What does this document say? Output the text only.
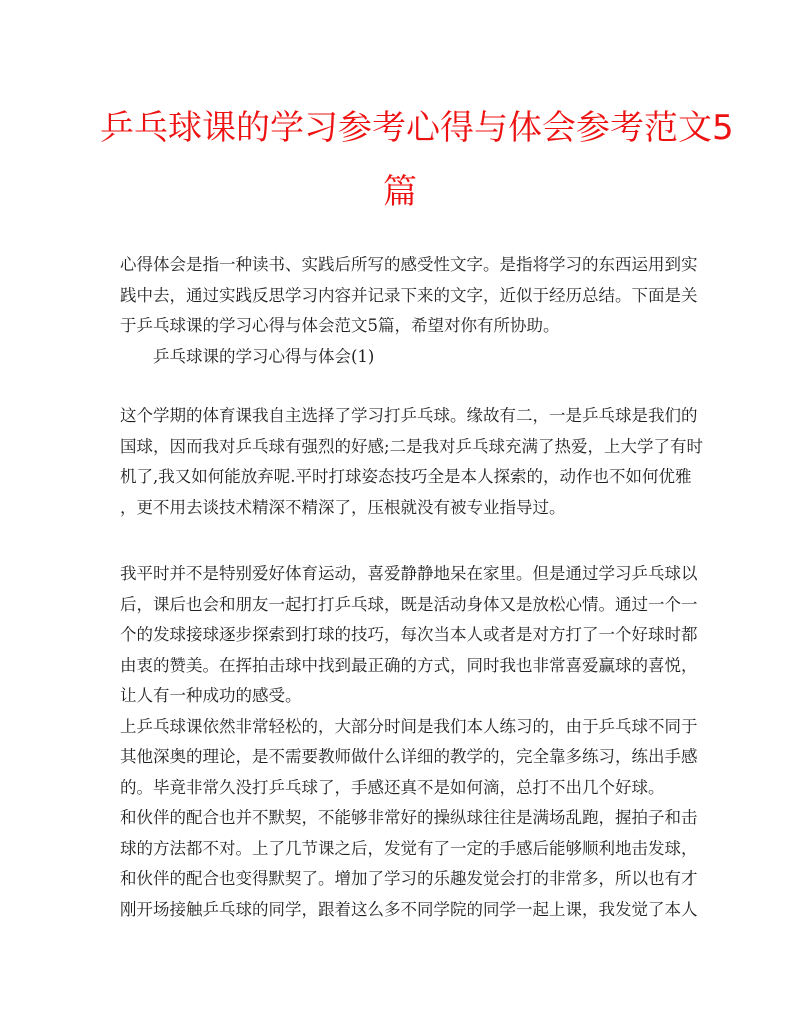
乒乓球课的学习参考心得与体会参考范文5
篇
心得体会是指一种读书、实践后所写的感受性文字。是指将学习的东西运用到实
践中去，通过实践反思学习内容并记录下来的文字，近似于经历总结。下面是关
于乒乓球课的学习心得与体会范文5篇，希望对你有所协助。
乒乓球课的学习心得与体会(1)
这个学期的体育课我自主选择了学习打乒乓球。缘故有二，一是乒乓球是我们的
国球，因而我对乒乓球有强烈的好感;二是我对乒乓球充满了热爱，上大学了有时
机了,我又如何能放弃呢.平时打球姿态技巧全是本人探索的，动作也不如何优雅
，更不用去谈技术精深不精深了，压根就没有被专业指导过。
我平时并不是特别爱好体育运动，喜爱静静地呆在家里。但是通过学习乒乓球以
后，课后也会和朋友一起打打乒乓球，既是活动身体又是放松心情。通过一个一
个的发球接球逐步探索到打球的技巧，每次当本人或者是对方打了一个好球时都
由衷的赞美。在挥拍击球中找到最正确的方式，同时我也非常喜爱赢球的喜悦，
让人有一种成功的感受。
上乒乓球课依然非常轻松的，大部分时间是我们本人练习的，由于乒乓球不同于
其他深奥的理论，是不需要教师做什么详细的教学的，完全靠多练习，练出手感
的。毕竟非常久没打乒乓球了，手感还真不是如何滴，总打不出几个好球。
和伙伴的配合也并不默契，不能够非常好的操纵球往往是满场乱跑，握拍子和击
球的方法都不对。上了几节课之后，发觉有了一定的手感后能够顺利地击发球，
和伙伴的配合也变得默契了。增加了学习的乐趣发觉会打的非常多，所以也有才
刚开场接触乒乓球的同学，跟着这么多不同学院的同学一起上课，我发觉了本人
